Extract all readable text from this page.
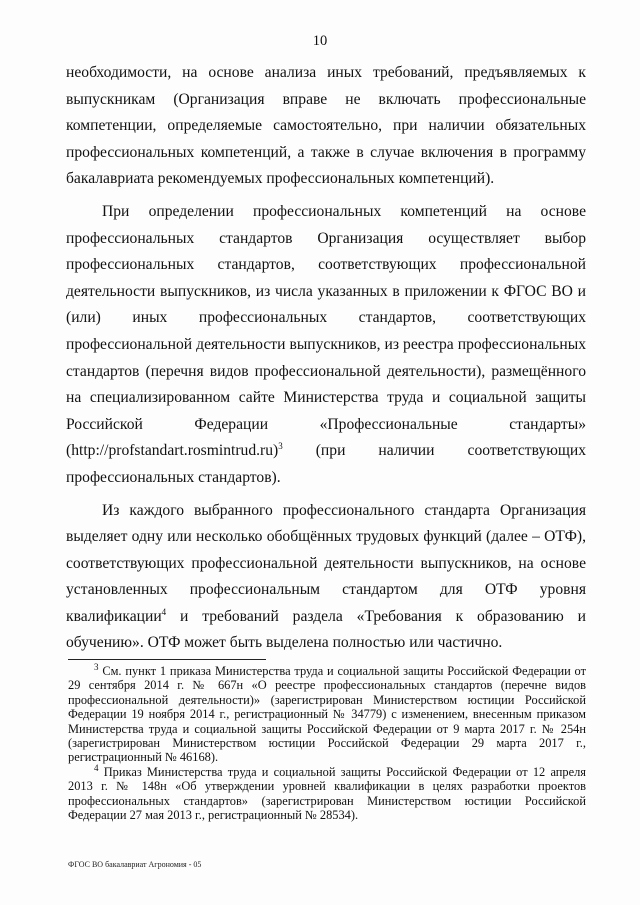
10

необходимости, на основе анализа иных требований, предъявляемых к выпускникам (Организация вправе не включать профессиональные компетенции, определяемые самостоятельно, при наличии обязательных профессиональных компетенций, а также в случае включения в программу бакалавриата рекомендуемых профессиональных компетенций).

При определении профессиональных компетенций на основе профессиональных стандартов Организация осуществляет выбор профессиональных стандартов, соответствующих профессиональной деятельности выпускников, из числа указанных в приложении к ФГОС ВО и (или) иных профессиональных стандартов, соответствующих профессиональной деятельности выпускников, из реестра профессиональных стандартов (перечня видов профессиональной деятельности), размещённого на специализированном сайте Министерства труда и социальной защиты Российской Федерации «Профессиональные стандарты» (http://profstandart.rosmintrud.ru)$^3$ (при наличии соответствующих профессиональных стандартов).

Из каждого выбранного профессионального стандарта Организация выделяет одну или несколько обобщённых трудовых функций (далее – ОТФ), соответствующих профессиональной деятельности выпускников, на основе установленных профессиональным стандартом для ОТФ уровня квалификации$^4$ и требований раздела «Требования к образованию и обучению». ОТФ может быть выделена полностью или частично.

$^3$ См. пункт 1 приказа Министерства труда и социальной защиты Российской Федерации от 29 сентября 2014 г. № 667н «О реестре профессиональных стандартов (перечне видов профессиональной деятельности)» (зарегистрирован Министерством юстиции Российской Федерации 19 ноября 2014 г., регистрационный № 34779) с изменением, внесенным приказом Министерства труда и социальной защиты Российской Федерации от 9 марта 2017 г. № 254н (зарегистрирован Министерством юстиции Российской Федерации 29 марта 2017 г., регистрационный № 46168).

$^4$ Приказ Министерства труда и социальной защиты Российской Федерации от 12 апреля 2013 г. № 148н «Об утверждении уровней квалификации в целях разработки проектов профессиональных стандартов» (зарегистрирован Министерством юстиции Российской Федерации 27 мая 2013 г., регистрационный № 28534).

ФГОС ВО бакалавриат Агрономия - 05
